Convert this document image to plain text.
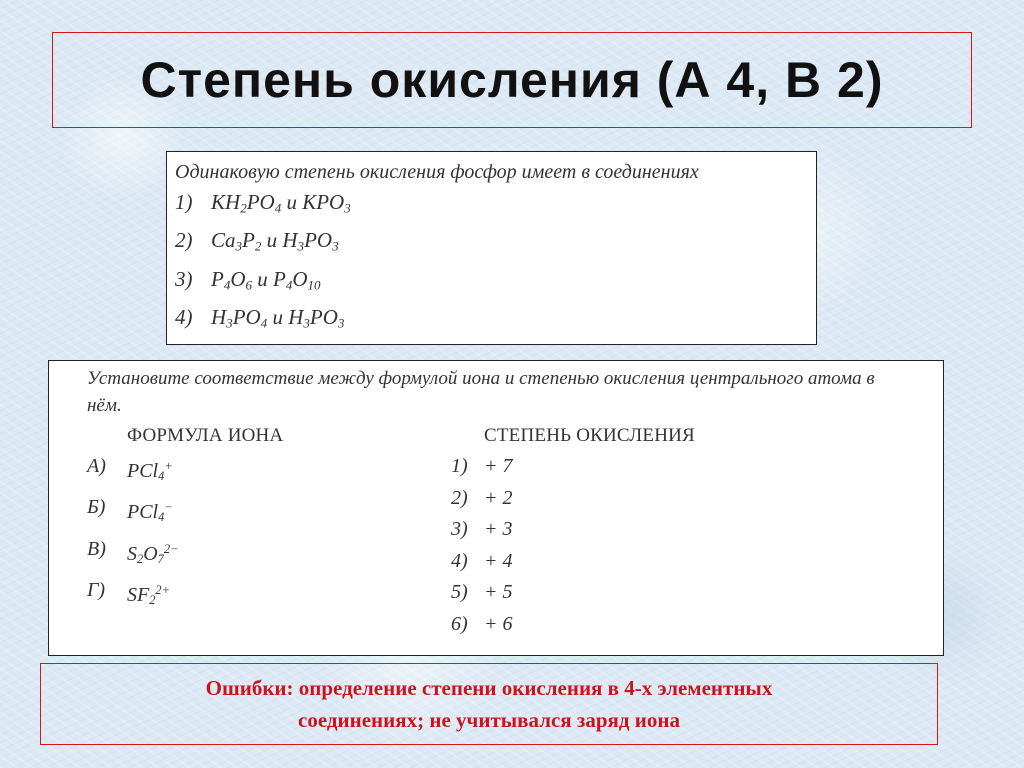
Степень окисления (А 4, В 2)

Одинаковую степень окисления фосфор имеет в соединениях

1) $KH_2PO_4$ и $KPO_3$
2) $Ca_3P_2$ и $H_3PO_3$
3) $P_4O_6$ и $P_4O_{10}$
4) $H_3PO_4$ и $H_3PO_3$

Установите соответствие между формулой иона и степенью окисления центрального атома в

нём.

ФОРМУЛА ИОНА
А)	PCl$_4$+
Б)	PCl$_4$−
В)	$S_2O_7^{2-}$
Г)	$SF_2^{2+}$
СТЕПЕНЬ ОКИСЛЕНИЯ
1) + 7
2) + 2
3) + 3
4) + 4
5) + 5
6) + 6
Ошибки: определение степени окисления в 4-х элементных
соединениях; не учитывался заряд иона
